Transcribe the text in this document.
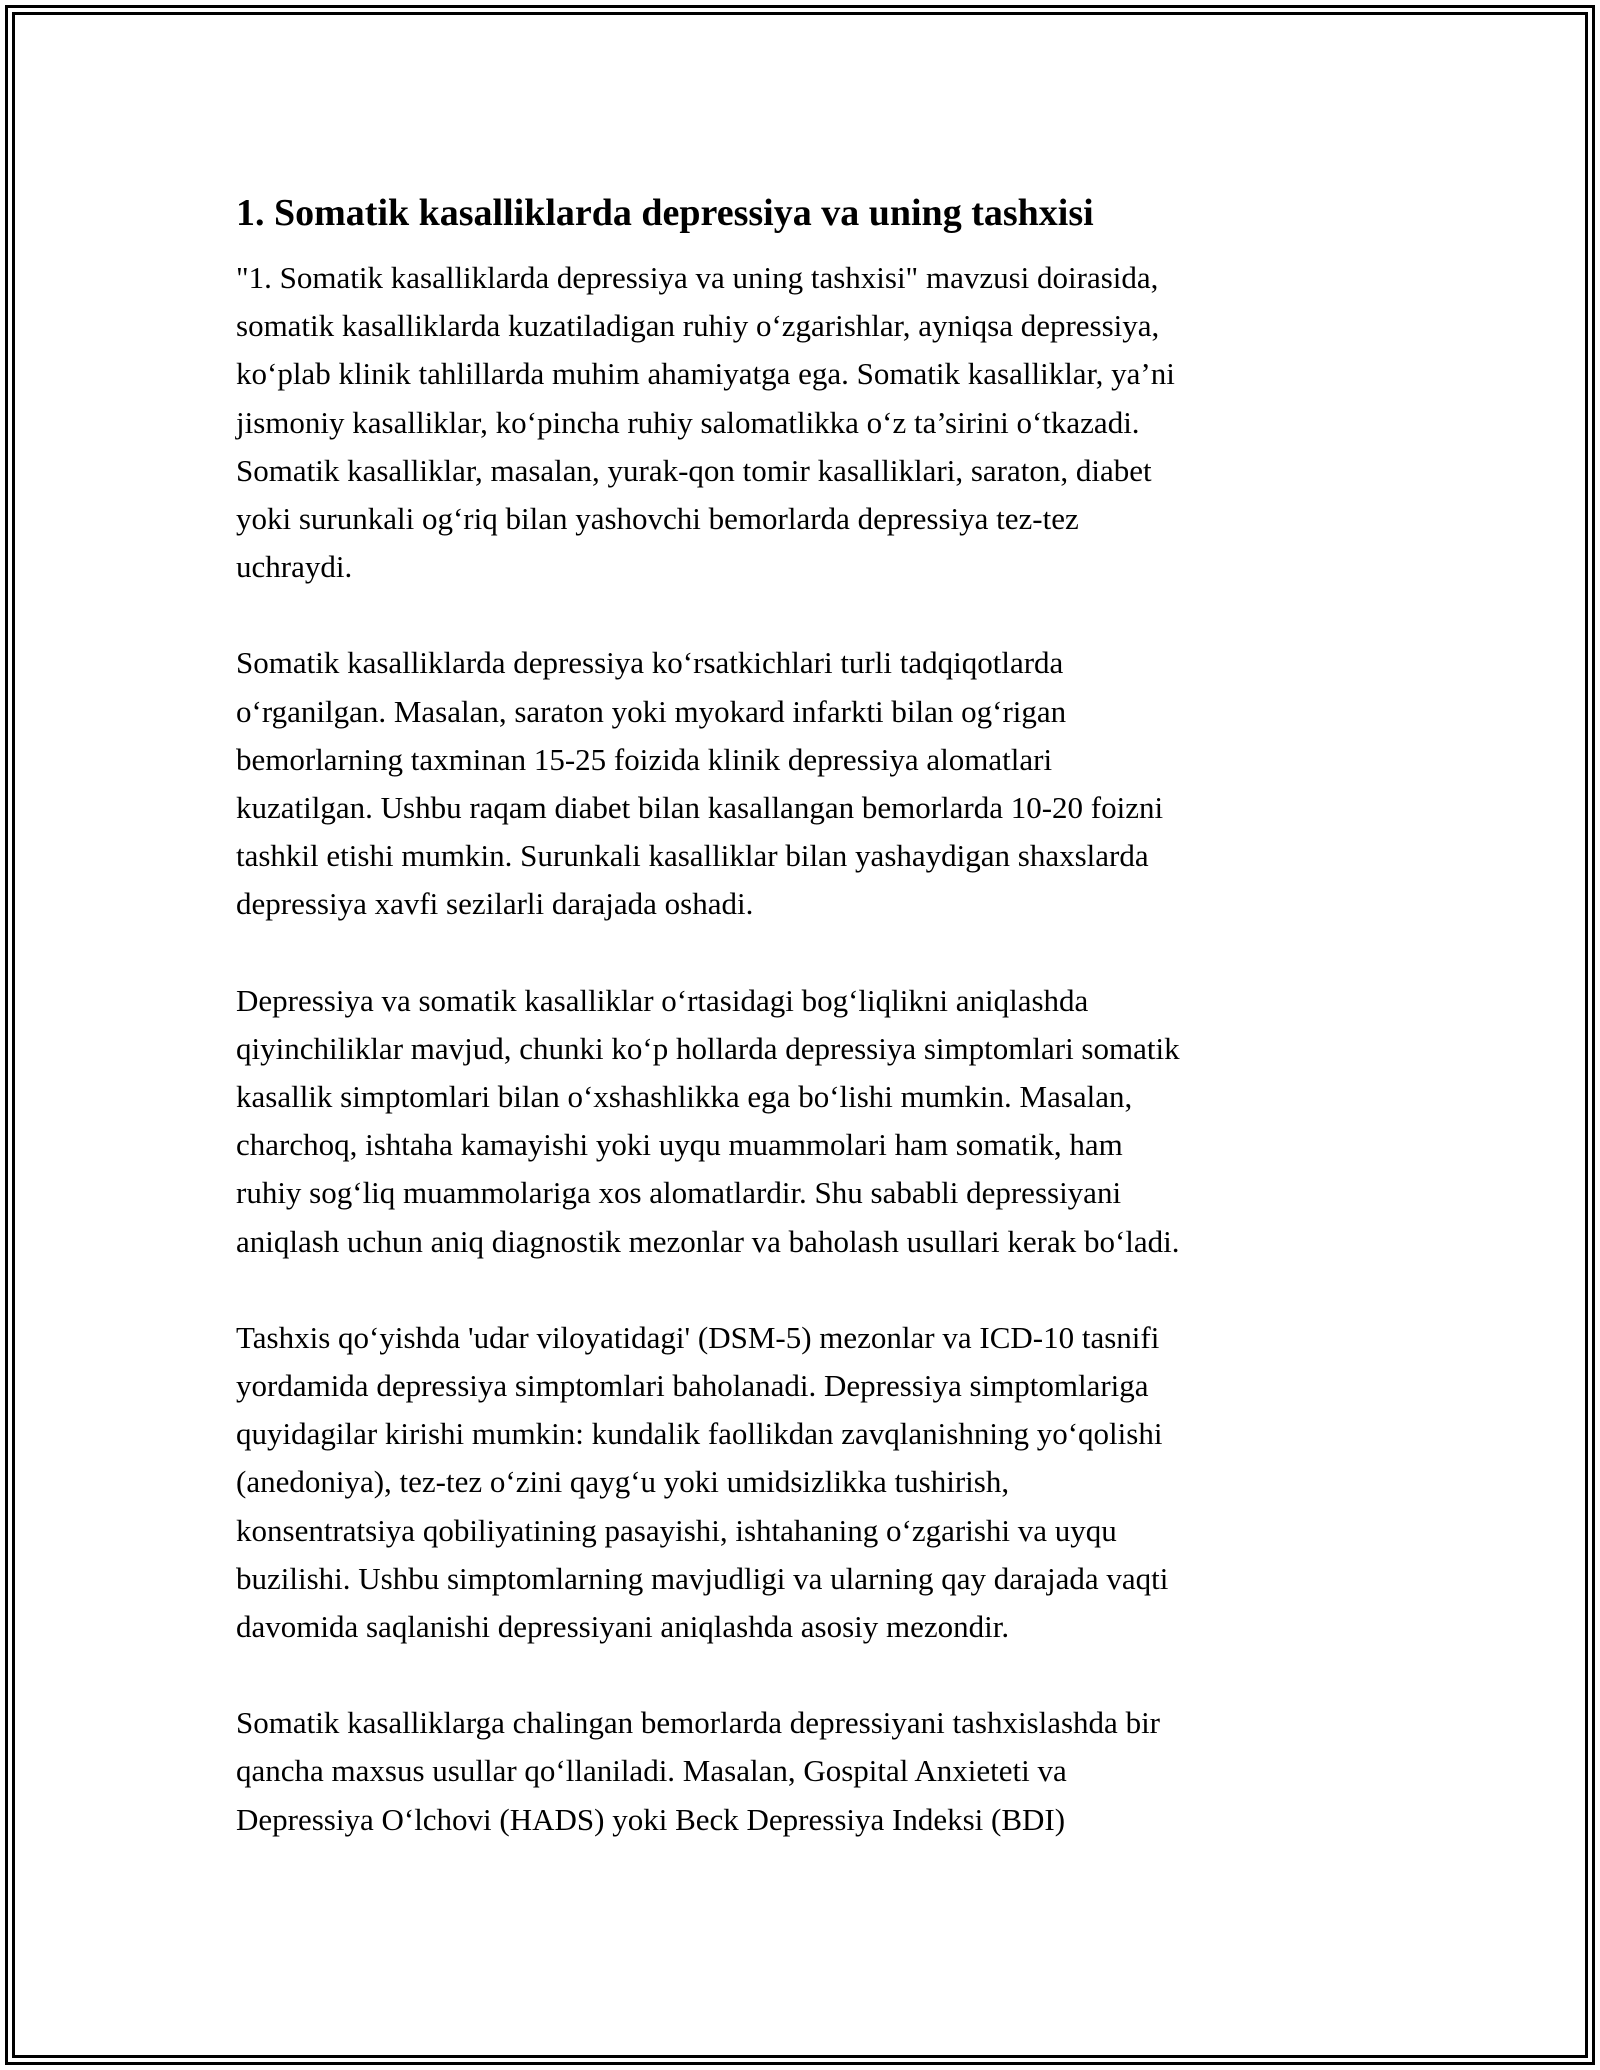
1. Somatik kasalliklarda depressiya va uning tashxisi

"1. Somatik kasalliklarda depressiya va uning tashxisi" mavzusi doirasida,
somatik kasalliklarda kuzatiladigan ruhiy o‘zgarishlar, ayniqsa depressiya,
ko‘plab klinik tahlillarda muhim ahamiyatga ega. Somatik kasalliklar, ya’ni
jismoniy kasalliklar, ko‘pincha ruhiy salomatlikka o‘z ta’sirini o‘tkazadi.
Somatik kasalliklar, masalan, yurak-qon tomir kasalliklari, saraton, diabet
yoki surunkali og‘riq bilan yashovchi bemorlarda depressiya tez-tez
uchraydi.

Somatik kasalliklarda depressiya ko‘rsatkichlari turli tadqiqotlarda
o‘rganilgan. Masalan, saraton yoki myokard infarkti bilan og‘rigan
bemorlarning taxminan 15-25 foizida klinik depressiya alomatlari
kuzatilgan. Ushbu raqam diabet bilan kasallangan bemorlarda 10-20 foizni
tashkil etishi mumkin. Surunkali kasalliklar bilan yashaydigan shaxslarda
depressiya xavfi sezilarli darajada oshadi.

Depressiya va somatik kasalliklar o‘rtasidagi bog‘liqlikni aniqlashda
qiyinchiliklar mavjud, chunki ko‘p hollarda depressiya simptomlari somatik
kasallik simptomlari bilan o‘xshashlikka ega bo‘lishi mumkin. Masalan,
charchoq, ishtaha kamayishi yoki uyqu muammolari ham somatik, ham
ruhiy sog‘liq muammolariga xos alomatlardir. Shu sababli depressiyani
aniqlash uchun aniq diagnostik mezonlar va baholash usullari kerak bo‘ladi.

Tashxis qo‘yishda 'udar viloyatidagi' (DSM-5) mezonlar va ICD-10 tasnifi
yordamida depressiya simptomlari baholanadi. Depressiya simptomlariga
quyidagilar kirishi mumkin: kundalik faollikdan zavqlanishning yo‘qolishi
(anedoniya), tez-tez o‘zini qayg‘u yoki umidsizlikka tushirish,
konsentratsiya qobiliyatining pasayishi, ishtahaning o‘zgarishi va uyqu
buzilishi. Ushbu simptomlarning mavjudligi va ularning qay darajada vaqti
davomida saqlanishi depressiyani aniqlashda asosiy mezondir.

Somatik kasalliklarga chalingan bemorlarda depressiyani tashxislashda bir
qancha maxsus usullar qo‘llaniladi. Masalan, Gospital Anxieteti va
Depressiya O‘lchovi (HADS) yoki Beck Depressiya Indeksi (BDI)
